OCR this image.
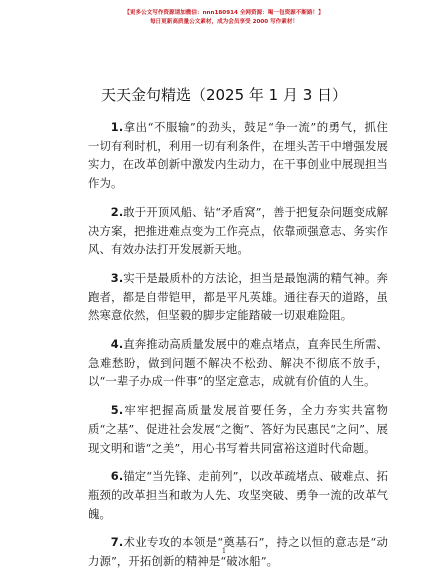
【更多公文写作资源请加微信：nnn180914 全网资源：喝一包资源不断路！】
每日更新高质量公文素材，成为会员享受 2000 写作素材！
天天金句精选（2025 年 1 月 3 日）

1.拿出“不服输”的劲头，鼓足“争一流”的勇气，抓住一切有利时机，利用一切有利条件，在埋头苦干中增强发展实力，在改革创新中激发内生动力，在干事创业中展现担当作为。

2.敢于开顶风船、钻“矛盾窝”，善于把复杂问题变成解决方案，把推进难点变为工作亮点，依靠顽强意志、务实作风、有效办法打开发展新天地。

3.实干是最质朴的方法论，担当是最饱满的精气神。奔跑者，都是自带铠甲，都是平凡英雄。通往春天的道路，虽然寒意依然，但坚毅的脚步定能踏破一切艰难险阻。

4.直奔推动高质量发展中的难点堵点，直奔民生所需、急难愁盼，做到问题不解决不松劲、解决不彻底不放手，以“一辈子办成一件事”的坚定意志，成就有价值的人生。

5.牢牢把握高质量发展首要任务，全力夯实共富物质“之基”、促进社会发展“之衡”、答好为民惠民“之问”、展现文明和谐“之美”，用心书写着共同富裕这道时代命题。

6.锚定“当先锋、走前列”，以改革疏堵点、破难点、拓瓶颈的改革担当和敢为人先、攻坚突破、勇争一流的改革气魄。

7.术业专攻的本领是“奠基石”，持之以恒的意志是“动力源”，开拓创新的精神是“破冰船”。

1
